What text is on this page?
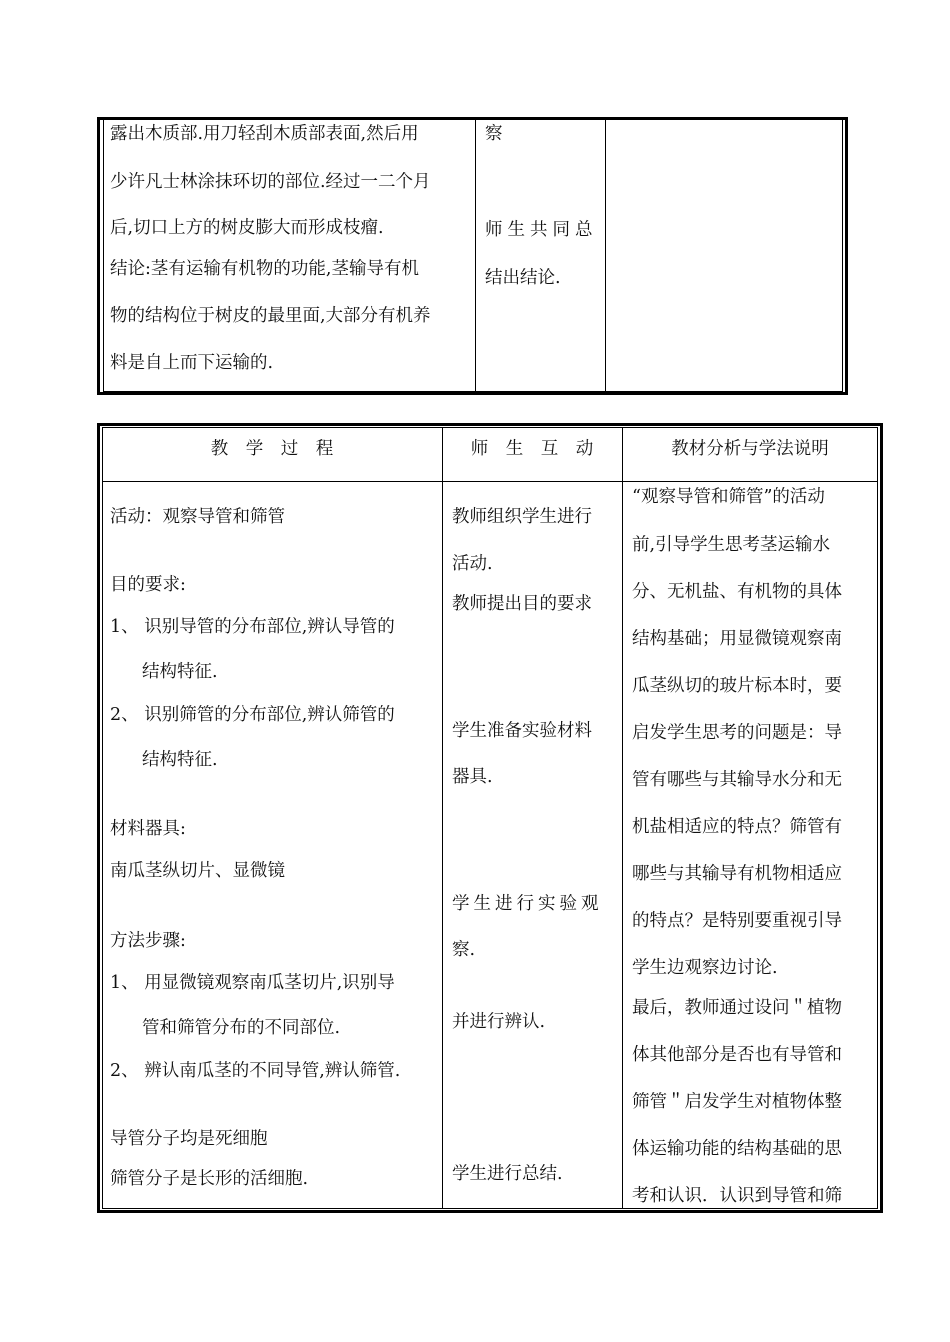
露出木质部.用刀轻刮木质部表面,然后用
少许凡士林涂抹环切的部位.经过一二个月
后,切口上方的树皮膨大而形成枝瘤.
结论:茎有运输有机物的功能,茎输导有机
物的结构位于树皮的最里面,大部分有机养
料是自上而下运输的.
察
师生共同总
结出结论.
教　学　过　程	师　生　互　动	教材分析与学法说明
活动：观察导管和筛管
目的要求:
1、 识别导管的分布部位,辨认导管的
结构特征.
2、 识别筛管的分布部位,辨认筛管的
结构特征.
材料器具:
南瓜茎纵切片、显微镜
方法步骤:
1、 用显微镜观察南瓜茎切片,识别导
管和筛管分布的不同部位.
2、 辨认南瓜茎的不同导管,辨认筛管.
导管分子均是死细胞
筛管分子是长形的活细胞.
教师组织学生进行
活动.
教师提出目的要求
学生准备实验材料
器具.
学生进行实验观
察.
并进行辨认.
学生进行总结.
“观察导管和筛管”的活动
前,引导学生思考茎运输水
分、无机盐、有机物的具体
结构基础；用显微镜观察南
瓜茎纵切的玻片标本时，要
启发学生思考的问题是：导
管有哪些与其输导水分和无
机盐相适应的特点？筛管有
哪些与其输导有机物相适应
的特点？是特别要重视引导
学生边观察边讨论.
最后，教师通过设问＂植物
体其他部分是否也有导管和
筛管＂启发学生对植物体整
体运输功能的结构基础的思
考和认识．认识到导管和筛
